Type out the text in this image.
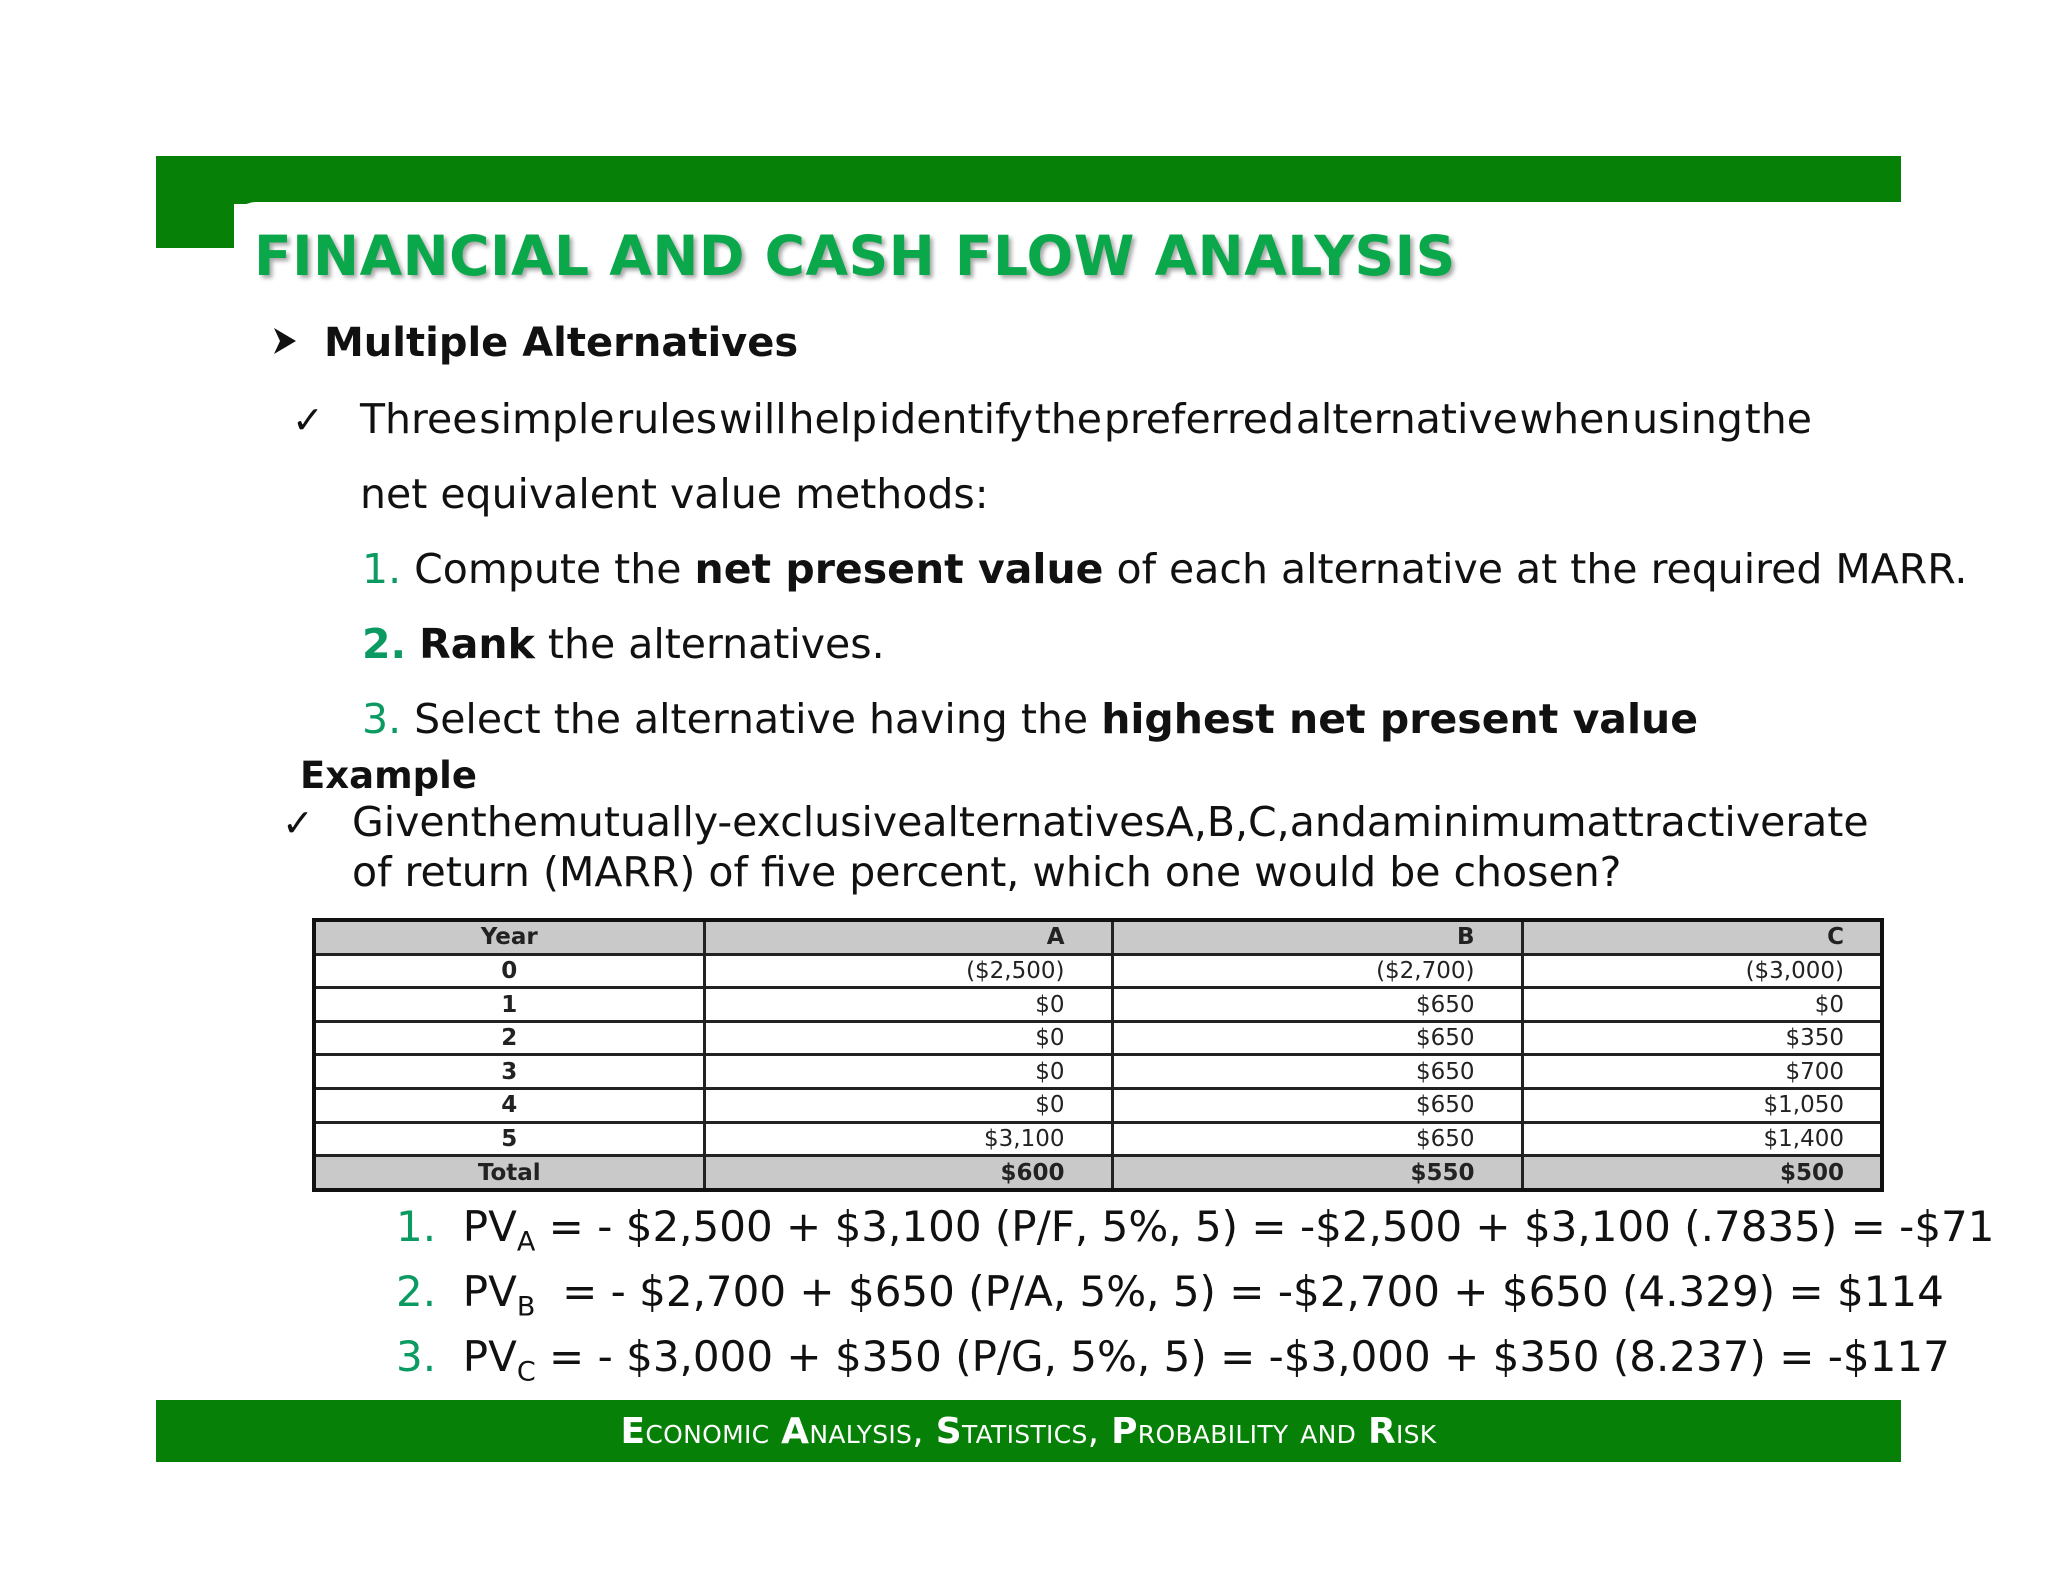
FINANCIAL AND CASH FLOW ANALYSIS
Multiple Alternatives
✓ Three simple rules will help identify the preferred alternative when using the
net equivalent value methods:
1. Compute the net present value of each alternative at the required MARR.
2. Rank the alternatives.
3. Select the alternative having the highest net present value
Example
✓ Given the mutually-exclusive alternatives A, B, C, and a minimum attractive rate
of return (MARR) of five percent, which one would be chosen?
Year	A	B	C
0	($2,500)	($2,700)	($3,000)
1	$0	$650	$0
2	$0	$650	$350
3	$0	$650	$700
4	$0	$650	$1,050
5	$3,100	$650	$1,400
Total	$600	$550	$500
1. $PV_A$ = - $2,500 + $3,100 (P/F, 5%, 5) = -$2,500 + $3,100 (.7835) = -$71
2. $PV_B$  = - $2,700 + $650 (P/A, 5%, 5) = -$2,700 + $650 (4.329) = $114
3. $PV_C$ = - $3,000 + $350 (P/G, 5%, 5) = -$3,000 + $350 (8.237) = -$117
Economic Analysis, Statistics, Probability and Risk
